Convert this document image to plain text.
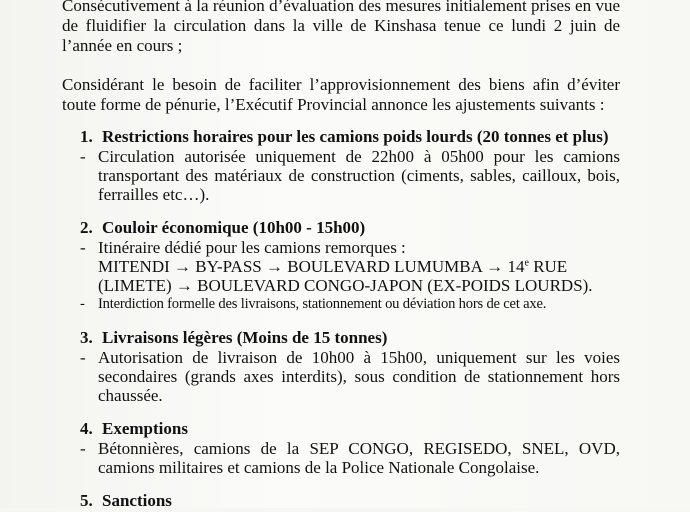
Consécutivement à la réunion d’évaluation des mesures initialement prises en vue de fluidifier la circulation dans la ville de Kinshasa tenue ce lundi 2 juin de l’année en cours ;

Considérant le besoin de faciliter l’approvisionnement des biens afin d’éviter toute forme de pénurie, l’Exécutif Provincial annonce les ajustements suivants :

1. Restrictions horaires pour les camions poids lourds (20 tonnes et plus)
- Circulation autorisée uniquement de 22h00 à 05h00 pour les camions transportant des matériaux de construction (ciments, sables, cailloux, bois, ferrailles etc…).
2. Couloir économique (10h00 - 15h00)
- Itinéraire dédié pour les camions remorques :
MITENDI → BY-PASS → BOULEVARD LUMUMBA → $14^e$ RUE
(LIMETE) → BOULEVARD CONGO-JAPON (EX-POIDS LOURDS).
- Interdiction formelle des livraisons, stationnement ou déviation hors de cet axe.
3. Livraisons légères (Moins de 15 tonnes)
- Autorisation de livraison de 10h00 à 15h00, uniquement sur les voies secondaires (grands axes interdits), sous condition de stationnement hors chaussée.
4. Exemptions
- Bétonnières, camions de la SEP CONGO, REGISEDO, SNEL, OVD, camions militaires et camions de la Police Nationale Congolaise.
5. Sanctions
